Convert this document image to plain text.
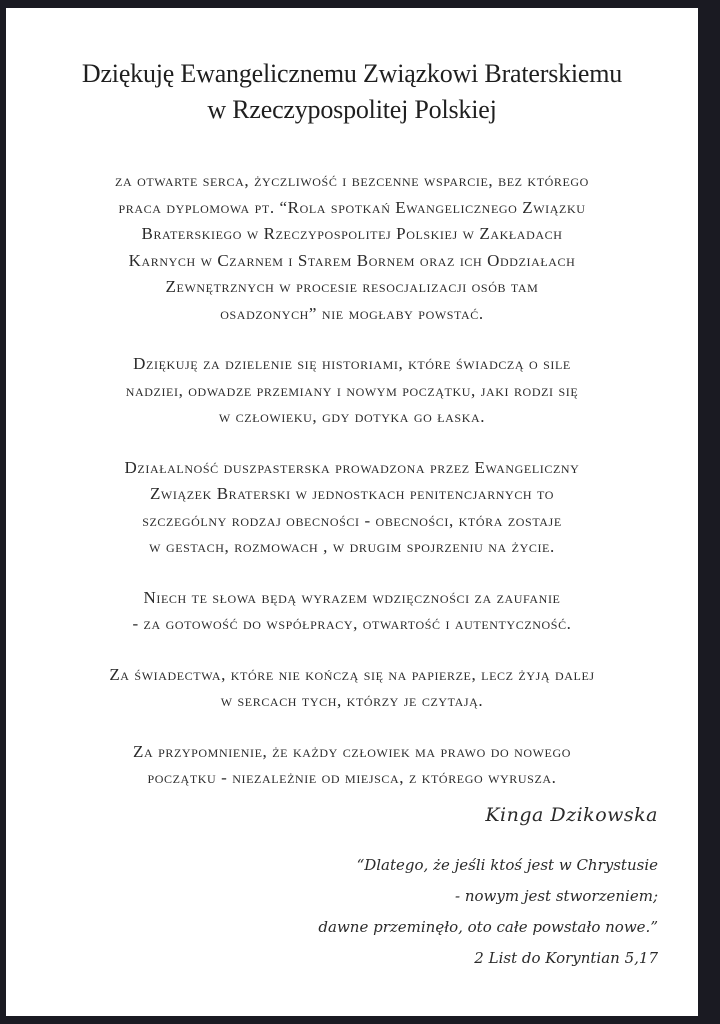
Dziękuję Ewangelicznemu Związkowi Braterskiemu
w Rzeczypospolitej Polskiej
za otwarte serca, życzliwość i bezcenne wsparcie, bez którego
praca dyplomowa pt. “Rola spotkań Ewangelicznego Związku
Braterskiego w Rzeczypospolitej Polskiej w Zakładach
Karnych w Czarnem i Starem Bornem oraz ich Oddziałach
Zewnętrznych w procesie resocjalizacji osób tam
osadzonych” nie mogłaby powstać.
Dziękuję za dzielenie się historiami, które świadczą o sile
nadziei, odwadze przemiany i nowym początku, jaki rodzi się
w człowieku, gdy dotyka go łaska.
Działalność duszpasterska prowadzona przez Ewangeliczny
Związek Braterski w jednostkach penitencjarnych to
szczególny rodzaj obecności - obecności, która zostaje
w gestach, rozmowach , w drugim spojrzeniu na życie.
Niech te słowa będą wyrazem wdzięczności za zaufanie
- za gotowość do współpracy, otwartość i autentyczność.
Za świadectwa, które nie kończą się na papierze, lecz żyją dalej
w sercach tych, którzy je czytają.
Za przypomnienie, że każdy człowiek ma prawo do nowego
początku - niezależnie od miejsca, z którego wyrusza.
Kinga Dzikowska
“Dlatego, że jeśli ktoś jest w Chrystusie
- nowym jest stworzeniem;
dawne przeminęło, oto całe powstało nowe.”
2 List do Koryntian 5,17
